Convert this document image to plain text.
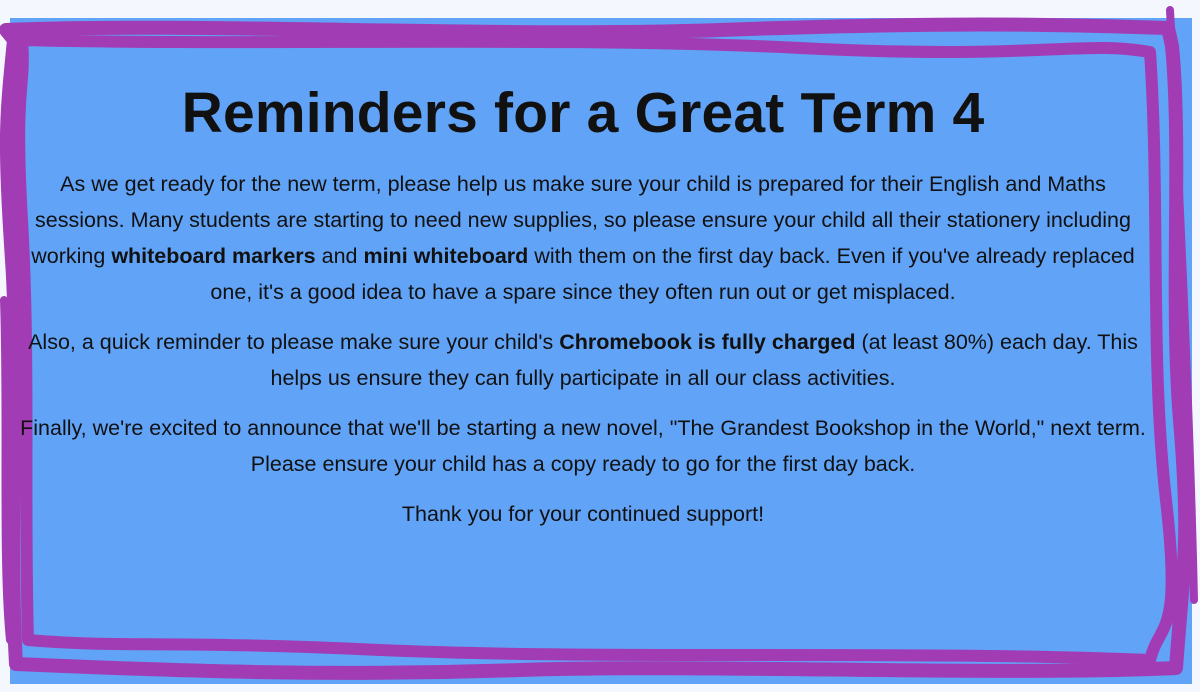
Reminders for a Great Term 4

As we get ready for the new term, please help us make sure your child is prepared for their English and Maths sessions. Many students are starting to need new supplies, so please ensure your child all their stationery including working whiteboard markers and mini whiteboard with them on the first day back. Even if you've already replaced one, it's a good idea to have a spare since they often run out or get misplaced.

Also, a quick reminder to please make sure your child's Chromebook is fully charged (at least 80%) each day. This helps us ensure they can fully participate in all our class activities.

Finally, we're excited to announce that we'll be starting a new novel, "The Grandest Bookshop in the World," next term. Please ensure your child has a copy ready to go for the first day back.

Thank you for your continued support!
